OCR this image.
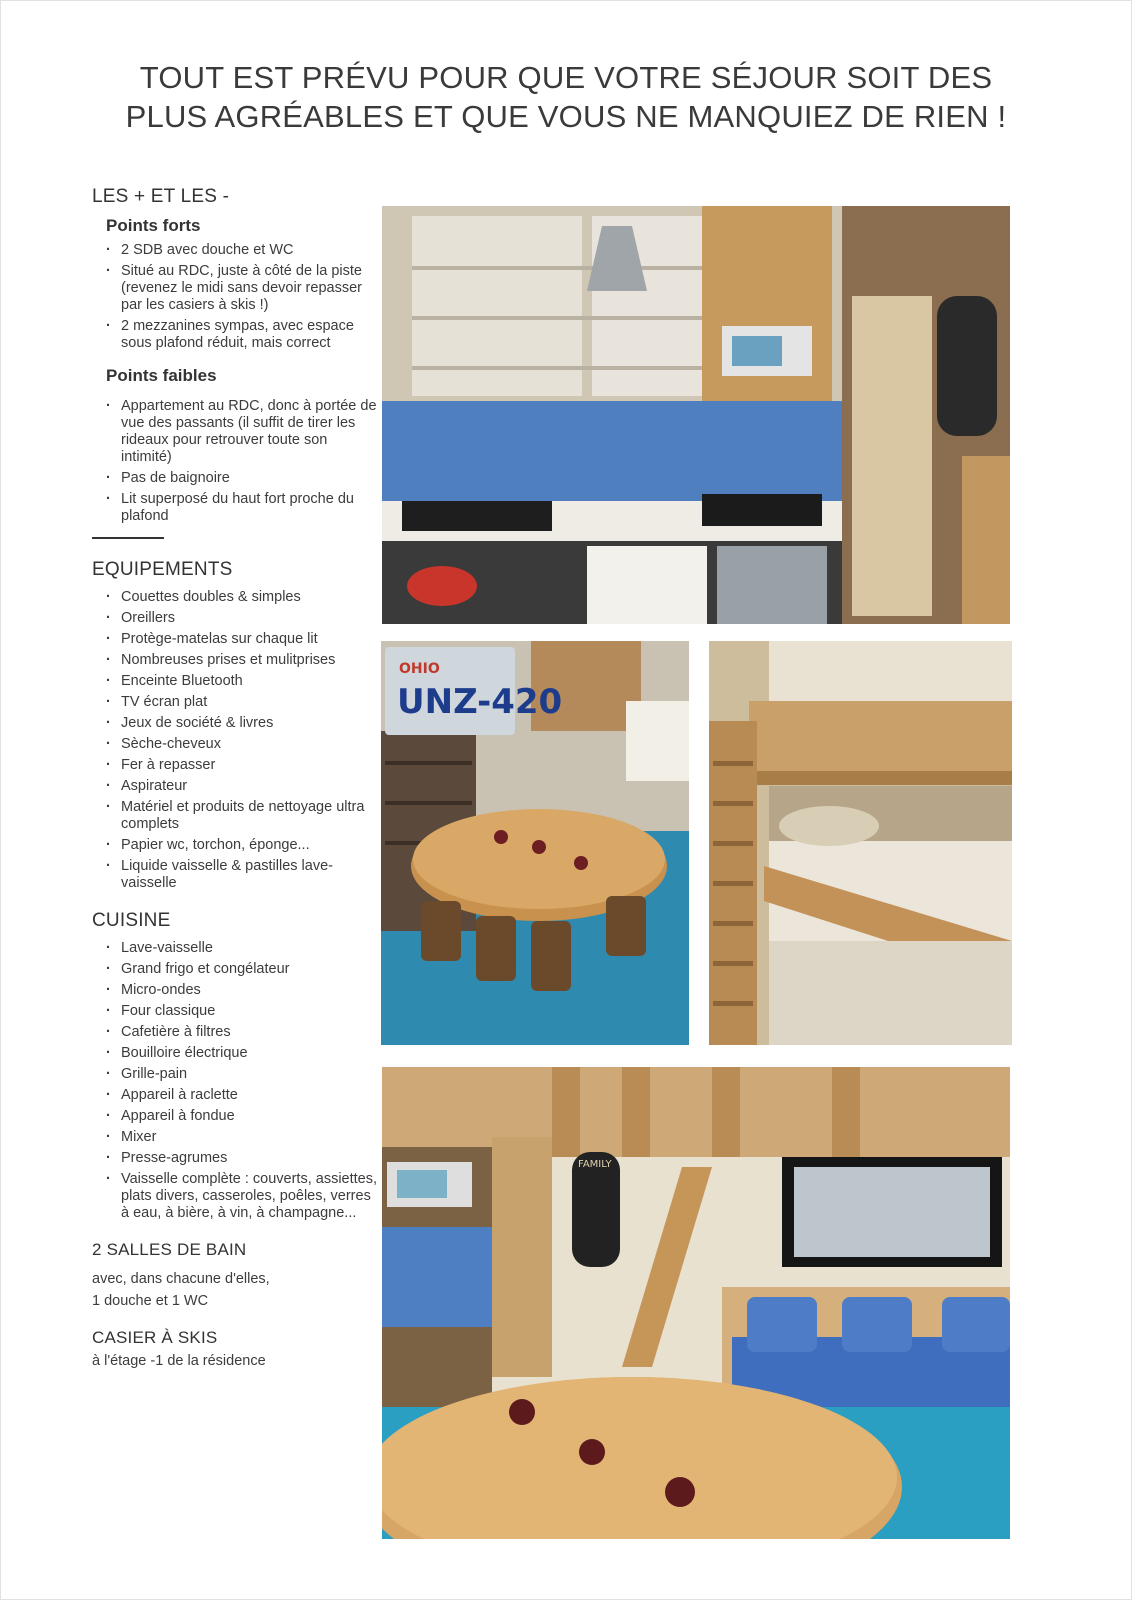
TOUT EST PRÉVU POUR QUE VOTRE SÉJOUR SOIT DES
PLUS AGRÉABLES ET QUE VOUS NE MANQUIEZ DE RIEN !
LES + ET LES -
Points forts
· 2 SDB avec douche et WC
· Situé au RDC, juste à côté de la piste (revenez le midi sans devoir repasser par les casiers à skis !)
· 2 mezzanines sympas, avec espace sous plafond réduit, mais correct
Points faibles
· Appartement au RDC, donc à portée de vue des passants (il suffit de tirer les rideaux pour retrouver toute son intimité)
· Pas de baignoire
· Lit superposé du haut fort proche du plafond
EQUIPEMENTS
· Couettes doubles & simples
· Oreillers
· Protège-matelas sur chaque lit
· Nombreuses prises et mulitprises
· Enceinte Bluetooth
· TV écran plat
· Jeux de société & livres
· Sèche-cheveux
· Fer à repasser
· Aspirateur
· Matériel et produits de nettoyage ultra complets
· Papier wc, torchon, éponge...
· Liquide vaisselle & pastilles lave-vaisselle
CUISINE
· Lave-vaisselle
· Grand frigo et congélateur
· Micro-ondes
· Four classique
· Cafetière à filtres
· Bouilloire électrique
· Grille-pain
· Appareil à raclette
· Appareil à fondue
· Mixer
· Presse-agrumes
· Vaisselle complète : couverts, assiettes, plats divers, casseroles, poêles, verres à eau, à bière, à vin, à champagne...
2 SALLES DE BAIN
avec, dans chacune d'elles,
1 douche et 1 WC
CASIER À SKIS
à l'étage -1 de la résidence
OHIO
UNZ-420
FAMILY
